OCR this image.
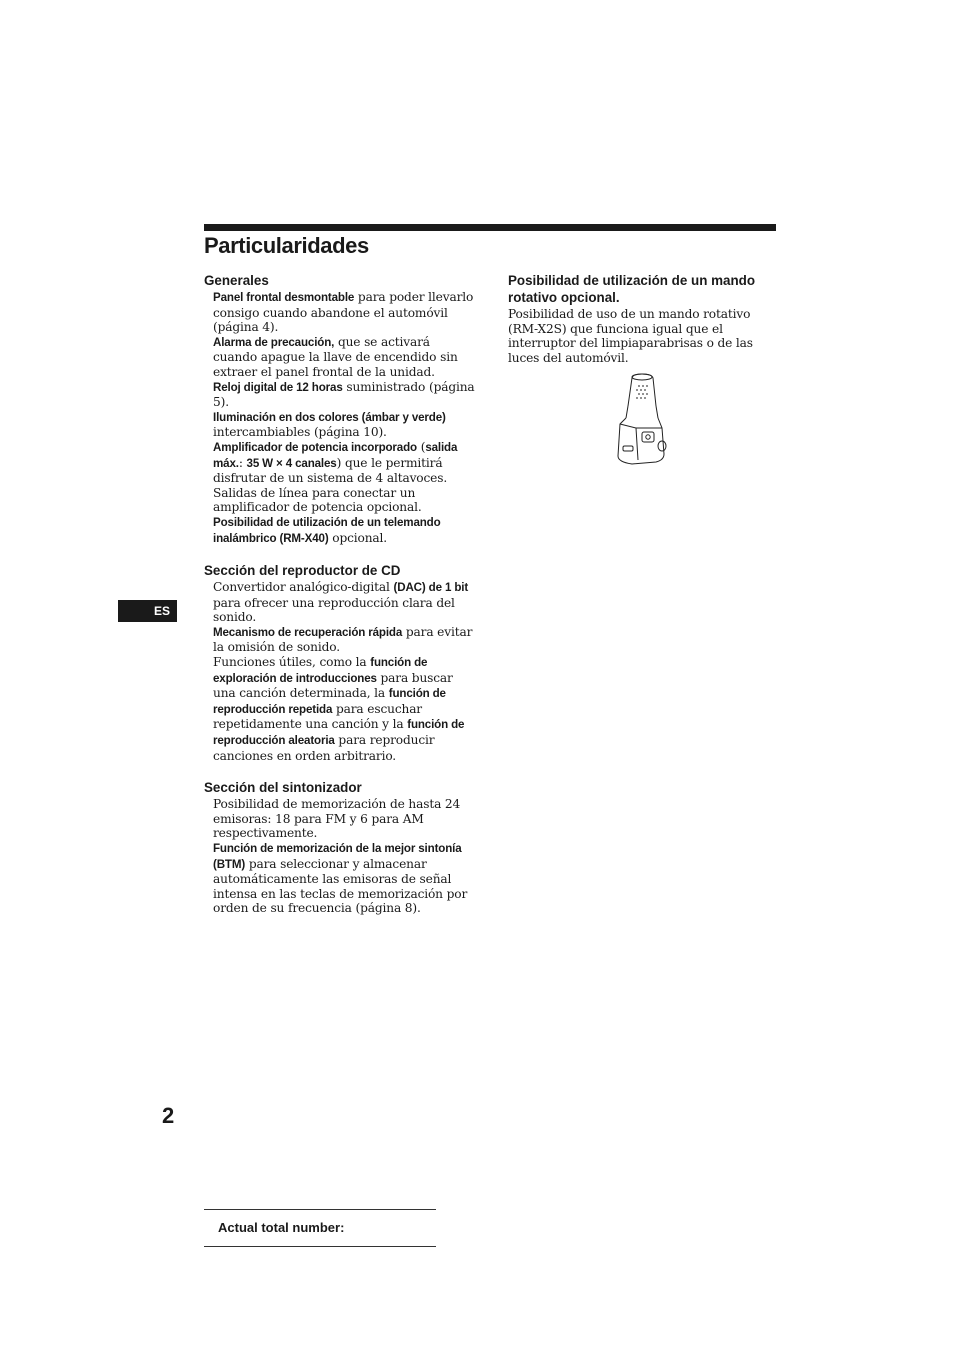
Particularidades
Generales

Panel frontal desmontable para poder llevarlo consigo cuando abandone el automóvil (página 4).

Alarma de precaución, que se activará cuando apague la llave de encendido sin extraer el panel frontal de la unidad.

Reloj digital de 12 horas suministrado (página 5).

Iluminación en dos colores (ámbar y verde) intercambiables (página 10).

Amplificador de potencia incorporado (salida máx.: 35 W × 4 canales) que le permitirá disfrutar de un sistema de 4 altavoces.

Salidas de línea para conectar un amplificador de potencia opcional.

Posibilidad de utilización de un telemando inalámbrico (RM-X40) opcional.

Sección del reproductor de CD

Convertidor analógico-digital (DAC) de 1 bit para ofrecer una reproducción clara del sonido.

Mecanismo de recuperación rápida para evitar la omisión de sonido.

Funciones útiles, como la función de exploración de introducciones para buscar una canción determinada, la función de reproducción repetida para escuchar repetidamente una canción y la función de reproducción aleatoria para reproducir canciones en orden arbitrario.

Sección del sintonizador

Posibilidad de memorización de hasta 24 emisoras: 18 para FM y 6 para AM respectivamente.

Función de memorización de la mejor sintonía (BTM) para seleccionar y almacenar automáticamente las emisoras de señal intensa en las teclas de memorización por orden de su frecuencia (página 8).

Posibilidad de utilización de un mando rotativo opcional.

Posibilidad de uso de un mando rotativo (RM-X2S) que funciona igual que el interruptor del limpiaparabrisas o de las luces del automóvil.

ES
2
Actual total number:
